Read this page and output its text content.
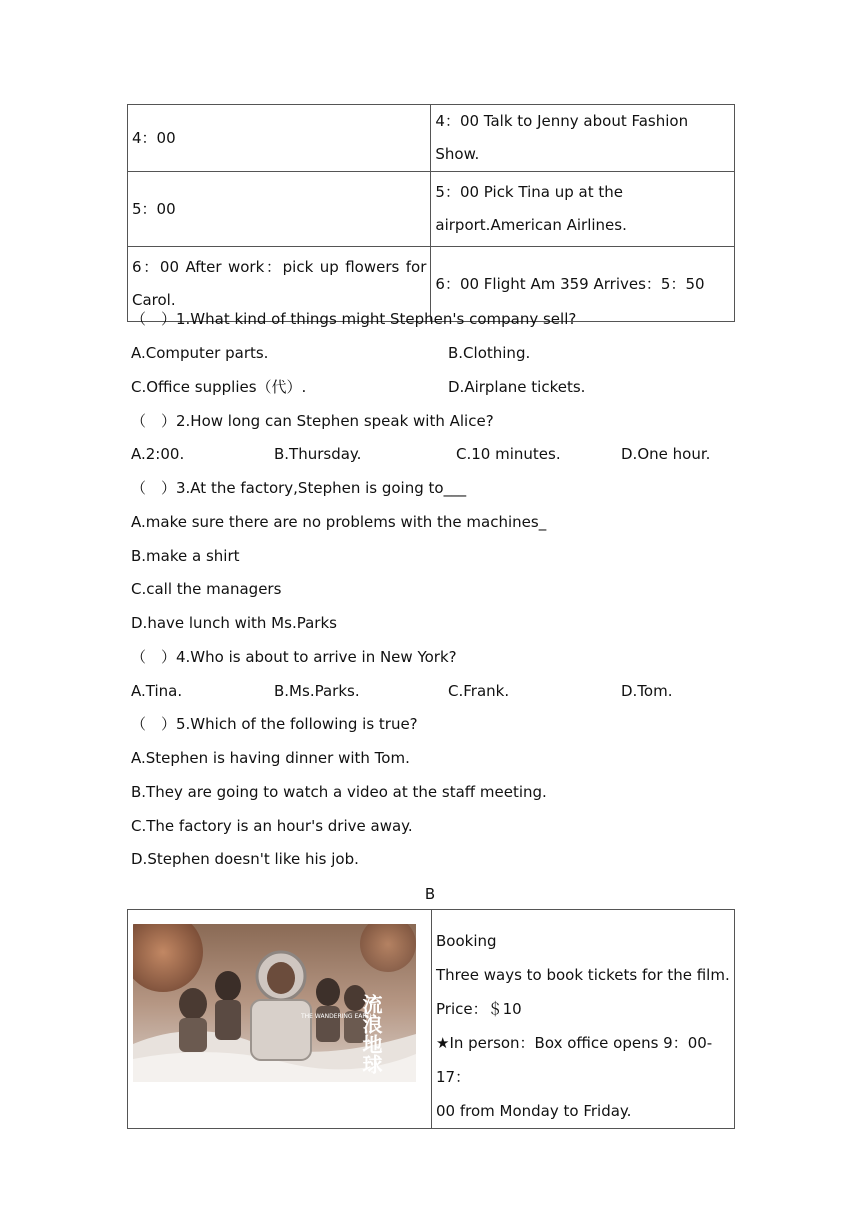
4：00	4：00 Talk to Jenny about Fashion Show.
5：00	5：00 Pick Tina up at the airport.American Airlines.

6：00 After work：pick up flowers for Carol.	6：00 Flight Am 359 Arrives：5：50
（　）1.What kind of things might Stephen's company sell?
A.Computer parts.	B.Clothing.
C.Office supplies（代）.	D.Airplane tickets.
（　）2.How long can Stephen speak with Alice?
A.2:00.	B.Thursday.	C.10 minutes.	D.One hour.
（　）3.At the factory,Stephen is going to___
A.make sure there are no problems with the machines_
B.make a shirt
C.call the managers
D.have lunch with Ms.Parks
（　）4.Who is about to arrive in New York?
A.Tina.	B.Ms.Parks.	C.Frank.	D.Tom.
（　）5.Which of the following is true?
A.Stephen is having dinner with Tom.
B.They are going to watch a video at the staff meeting.
C.The factory is an hour's drive away.
D.Stephen doesn't like his job.
B
THE WANDERING EARTH
流浪地球

Booking
Three ways to book tickets for the film.
Price：＄10
★In person：Box office opens 9：00-17：
00 from Monday to Friday.
